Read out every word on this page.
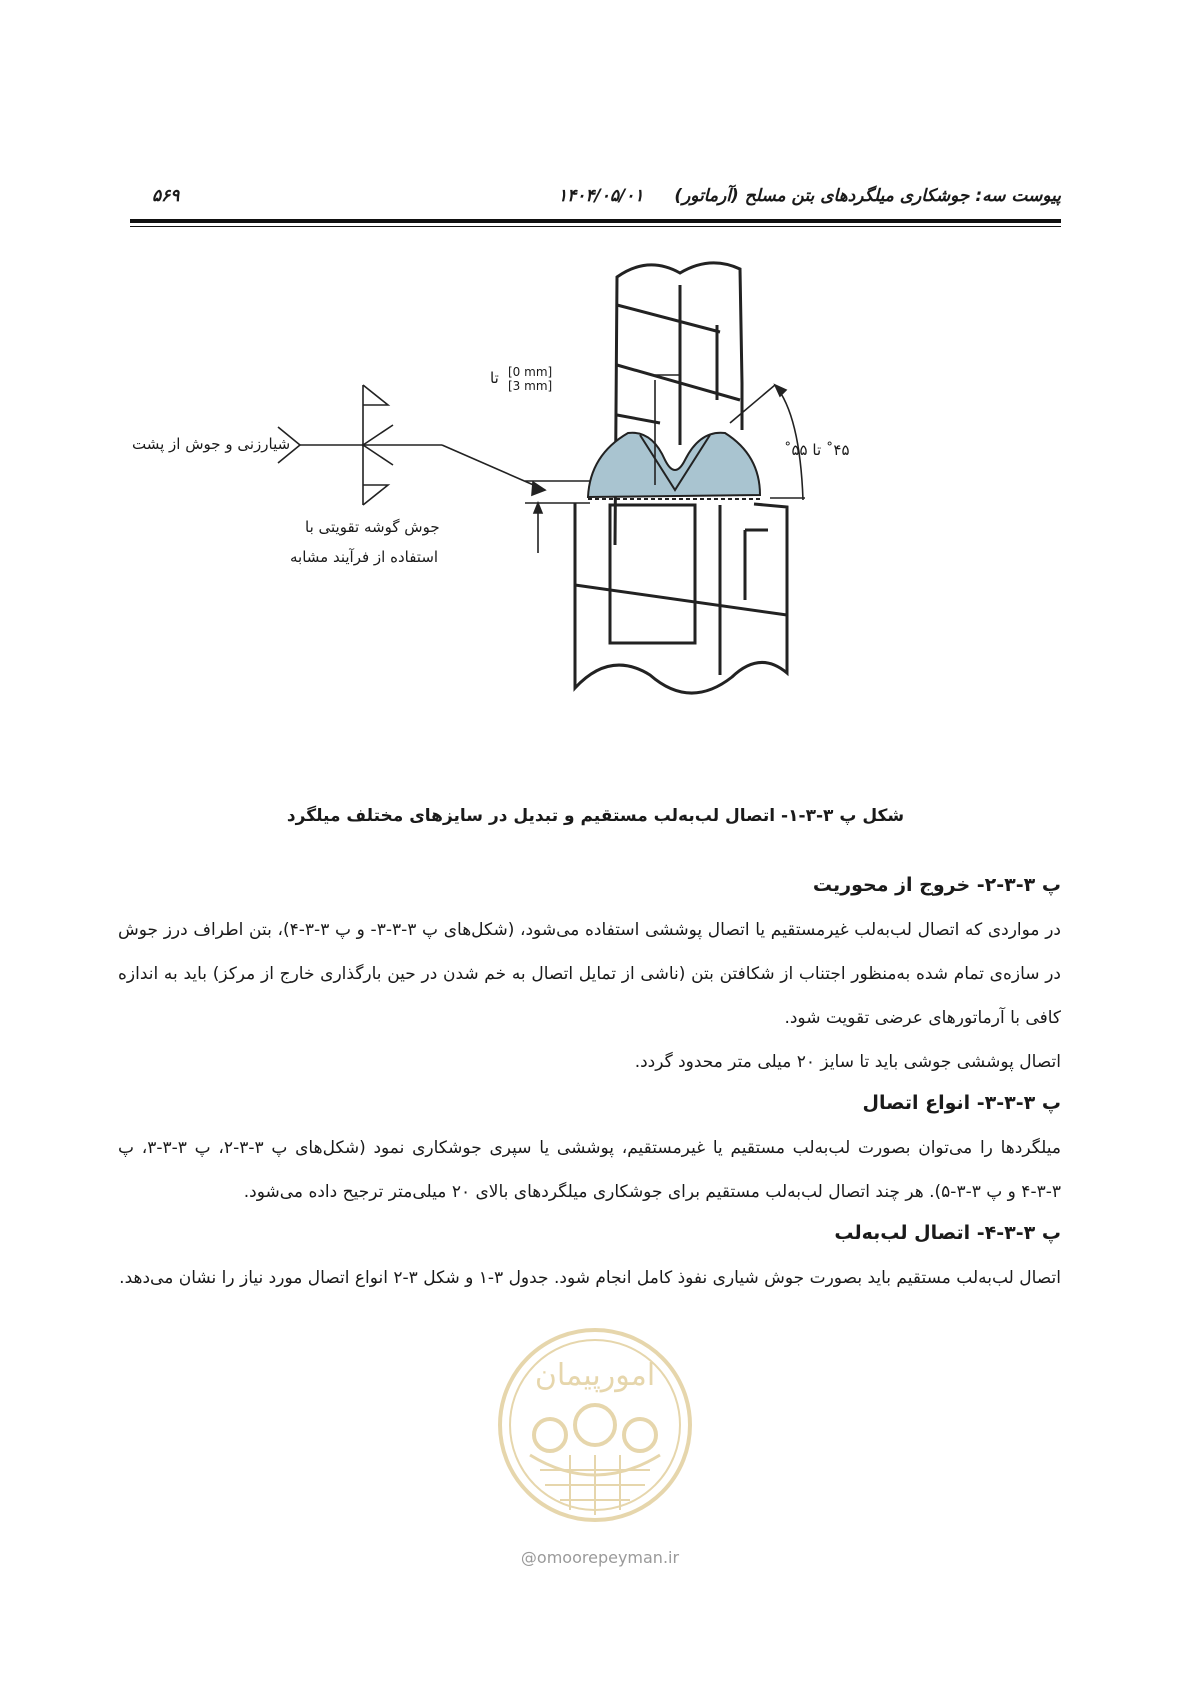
پیوست سه: جوشکاری میلگردهای بتن مسلح (آرماتور)
۱۴۰۴/۰۵/۰۱
۵۶۹
[0 mm]
[3 mm]
تا
۴۵˚ تا ۵۵˚
شیارزنی و جوش از پشت
جوش گوشه تقویتی با
استفاده از فرآیند مشابه
شکل پ ۳-۳-۱- اتصال لب‌به‌لب مستقیم و تبدیل در سایزهای مختلف میلگرد
پ ۳-۳-۲- خروج از محوریت

در مواردی که اتصال لب‌به‌لب غیرمستقیم یا اتصال پوششی استفاده می‌شود، (شکل‌های پ ۳-۳-۳- و پ ۳-۳-۴)، بتن اطراف درز جوش در سازه‌ی تمام شده به‌منظور اجتناب از شکافتن بتن (ناشی از تمایل اتصال به خم شدن در حین بارگذاری خارج از مرکز) باید به اندازه کافی با آرماتورهای عرضی تقویت شود.

اتصال پوششی جوشی باید تا سایز ۲۰ میلی متر محدود گردد.

پ ۳-۳-۳- انواع اتصال

میلگردها را می‌توان بصورت لب‌به‌لب مستقیم یا غیرمستقیم، پوششی یا سپری جوشکاری نمود (شکل‌های پ ۳-۳-۲، پ ۳-۳-۳، پ ۳-۳-۴ و پ ۳-۳-۵). هر چند اتصال لب‌به‌لب مستقیم برای جوشکاری میلگردهای بالای ۲۰ میلی‌متر ترجیح داده می‌شود.

پ ۳-۳-۴- اتصال لب‌به‌لب

اتصال لب‌به‌لب مستقیم باید بصورت جوش شیاری نفوذ کامل انجام شود. جدول ۳-۱ و شکل ۳-۲ انواع اتصال مورد نیاز را نشان می‌دهد.

امورپیمان
@omoorepeyman.ir
